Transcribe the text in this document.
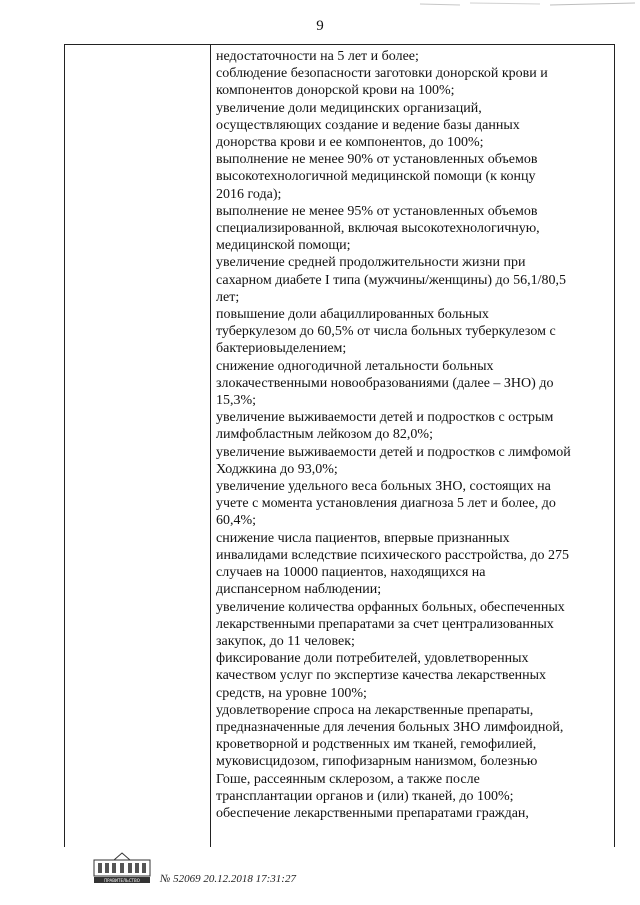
9

недостаточности на 5 лет и более;

соблюдение безопасности заготовки донорской крови и

компонентов донорской крови на 100%;

увеличение доли медицинских организаций,

осуществляющих создание и ведение базы данных

донорства крови и ее компонентов, до 100%;

выполнение не менее 90% от установленных объемов

высокотехнологичной медицинской помощи (к концу

2016 года);

выполнение не менее 95% от установленных объемов

специализированной, включая высокотехнологичную,

медицинской помощи;

увеличение средней продолжительности жизни при

сахарном диабете I типа (мужчины/женщины) до 56,1/80,5

лет;

повышение доли абациллированных больных

туберкулезом до 60,5% от числа больных туберкулезом с

бактериовыделением;

снижение одногодичной летальности больных

злокачественными новообразованиями (далее – ЗНО) до

15,3%;

увеличение выживаемости детей и подростков с острым

лимфобластным лейкозом до 82,0%;

увеличение выживаемости детей и подростков с лимфомой

Ходжкина до 93,0%;

увеличение удельного веса больных ЗНО, состоящих на

учете с момента установления диагноза 5 лет и более, до

60,4%;

снижение числа пациентов, впервые признанных

инвалидами вследствие психического расстройства, до 275

случаев на 10000 пациентов, находящихся на

диспансерном наблюдении;

увеличение количества орфанных больных, обеспеченных

лекарственными препаратами за счет централизованных

закупок, до 11 человек;

фиксирование доли потребителей, удовлетворенных

качеством услуг по экспертизе качества лекарственных

средств, на уровне 100%;

удовлетворение спроса на лекарственные препараты,

предназначенные для лечения больных ЗНО лимфоидной,

кроветворной и родственных им тканей, гемофилией,

муковисцидозом, гипофизарным нанизмом, болезнью

Гоше, рассеянным склерозом, а также после

трансплантации органов и (или) тканей, до 100%;

обеспечение лекарственными препаратами граждан,

ПРАВИТЕЛЬСТВО № 52069 20.12.2018 17:31:27
